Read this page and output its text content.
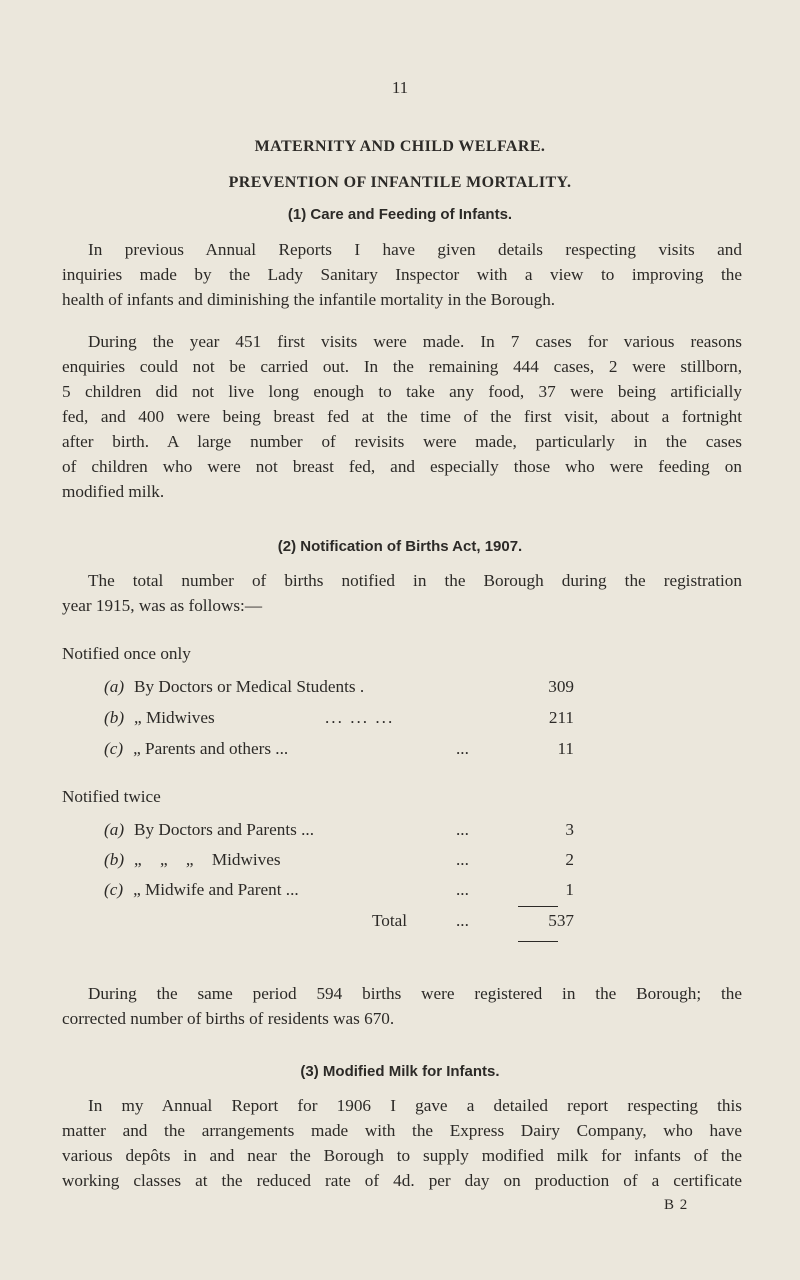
11
MATERNITY AND CHILD WELFARE.
PREVENTION OF INFANTILE MORTALITY.
(1) Care and Feeding of Infants.
In previous Annual Reports I have given details respecting visits and
inquiries made by the Lady Sanitary Inspector with a view to improving the
health of infants and diminishing the infantile mortality in the Borough.
During the year 451 first visits were made. In 7 cases for various reasons
enquiries could not be carried out. In the remaining 444 cases, 2 were stillborn,
5 children did not live long enough to take any food, 37 were being artificially
fed, and 400 were being breast fed at the time of the first visit, about a fortnight
after birth. A large number of revisits were made, particularly in the cases
of children who were not breast fed, and especially those who were feeding on
modified milk.
(2) Notification of Births Act, 1907.
The total number of births notified in the Borough during the registration
year 1915, was as follows:—
Notified once only
(a) By Doctors or Medical Students .	309
(b) „ Midwives	... ... ...	211
(c) „ Parents and others ...	...	11
Notified twice
(a) By Doctors and Parents ...	...	3
(b) „ „ „ Midwives	...	2
(c) „ Midwife and Parent ...	...	1
Total	...	537
During the same period 594 births were registered in the Borough; the
corrected number of births of residents was 670.
(3) Modified Milk for Infants.
In my Annual Report for 1906 I gave a detailed report respecting this
matter and the arrangements made with the Express Dairy Company, who have
various depôts in and near the Borough to supply modified milk for infants of the
working classes at the reduced rate of 4d. per day on production of a certificate
B 2
